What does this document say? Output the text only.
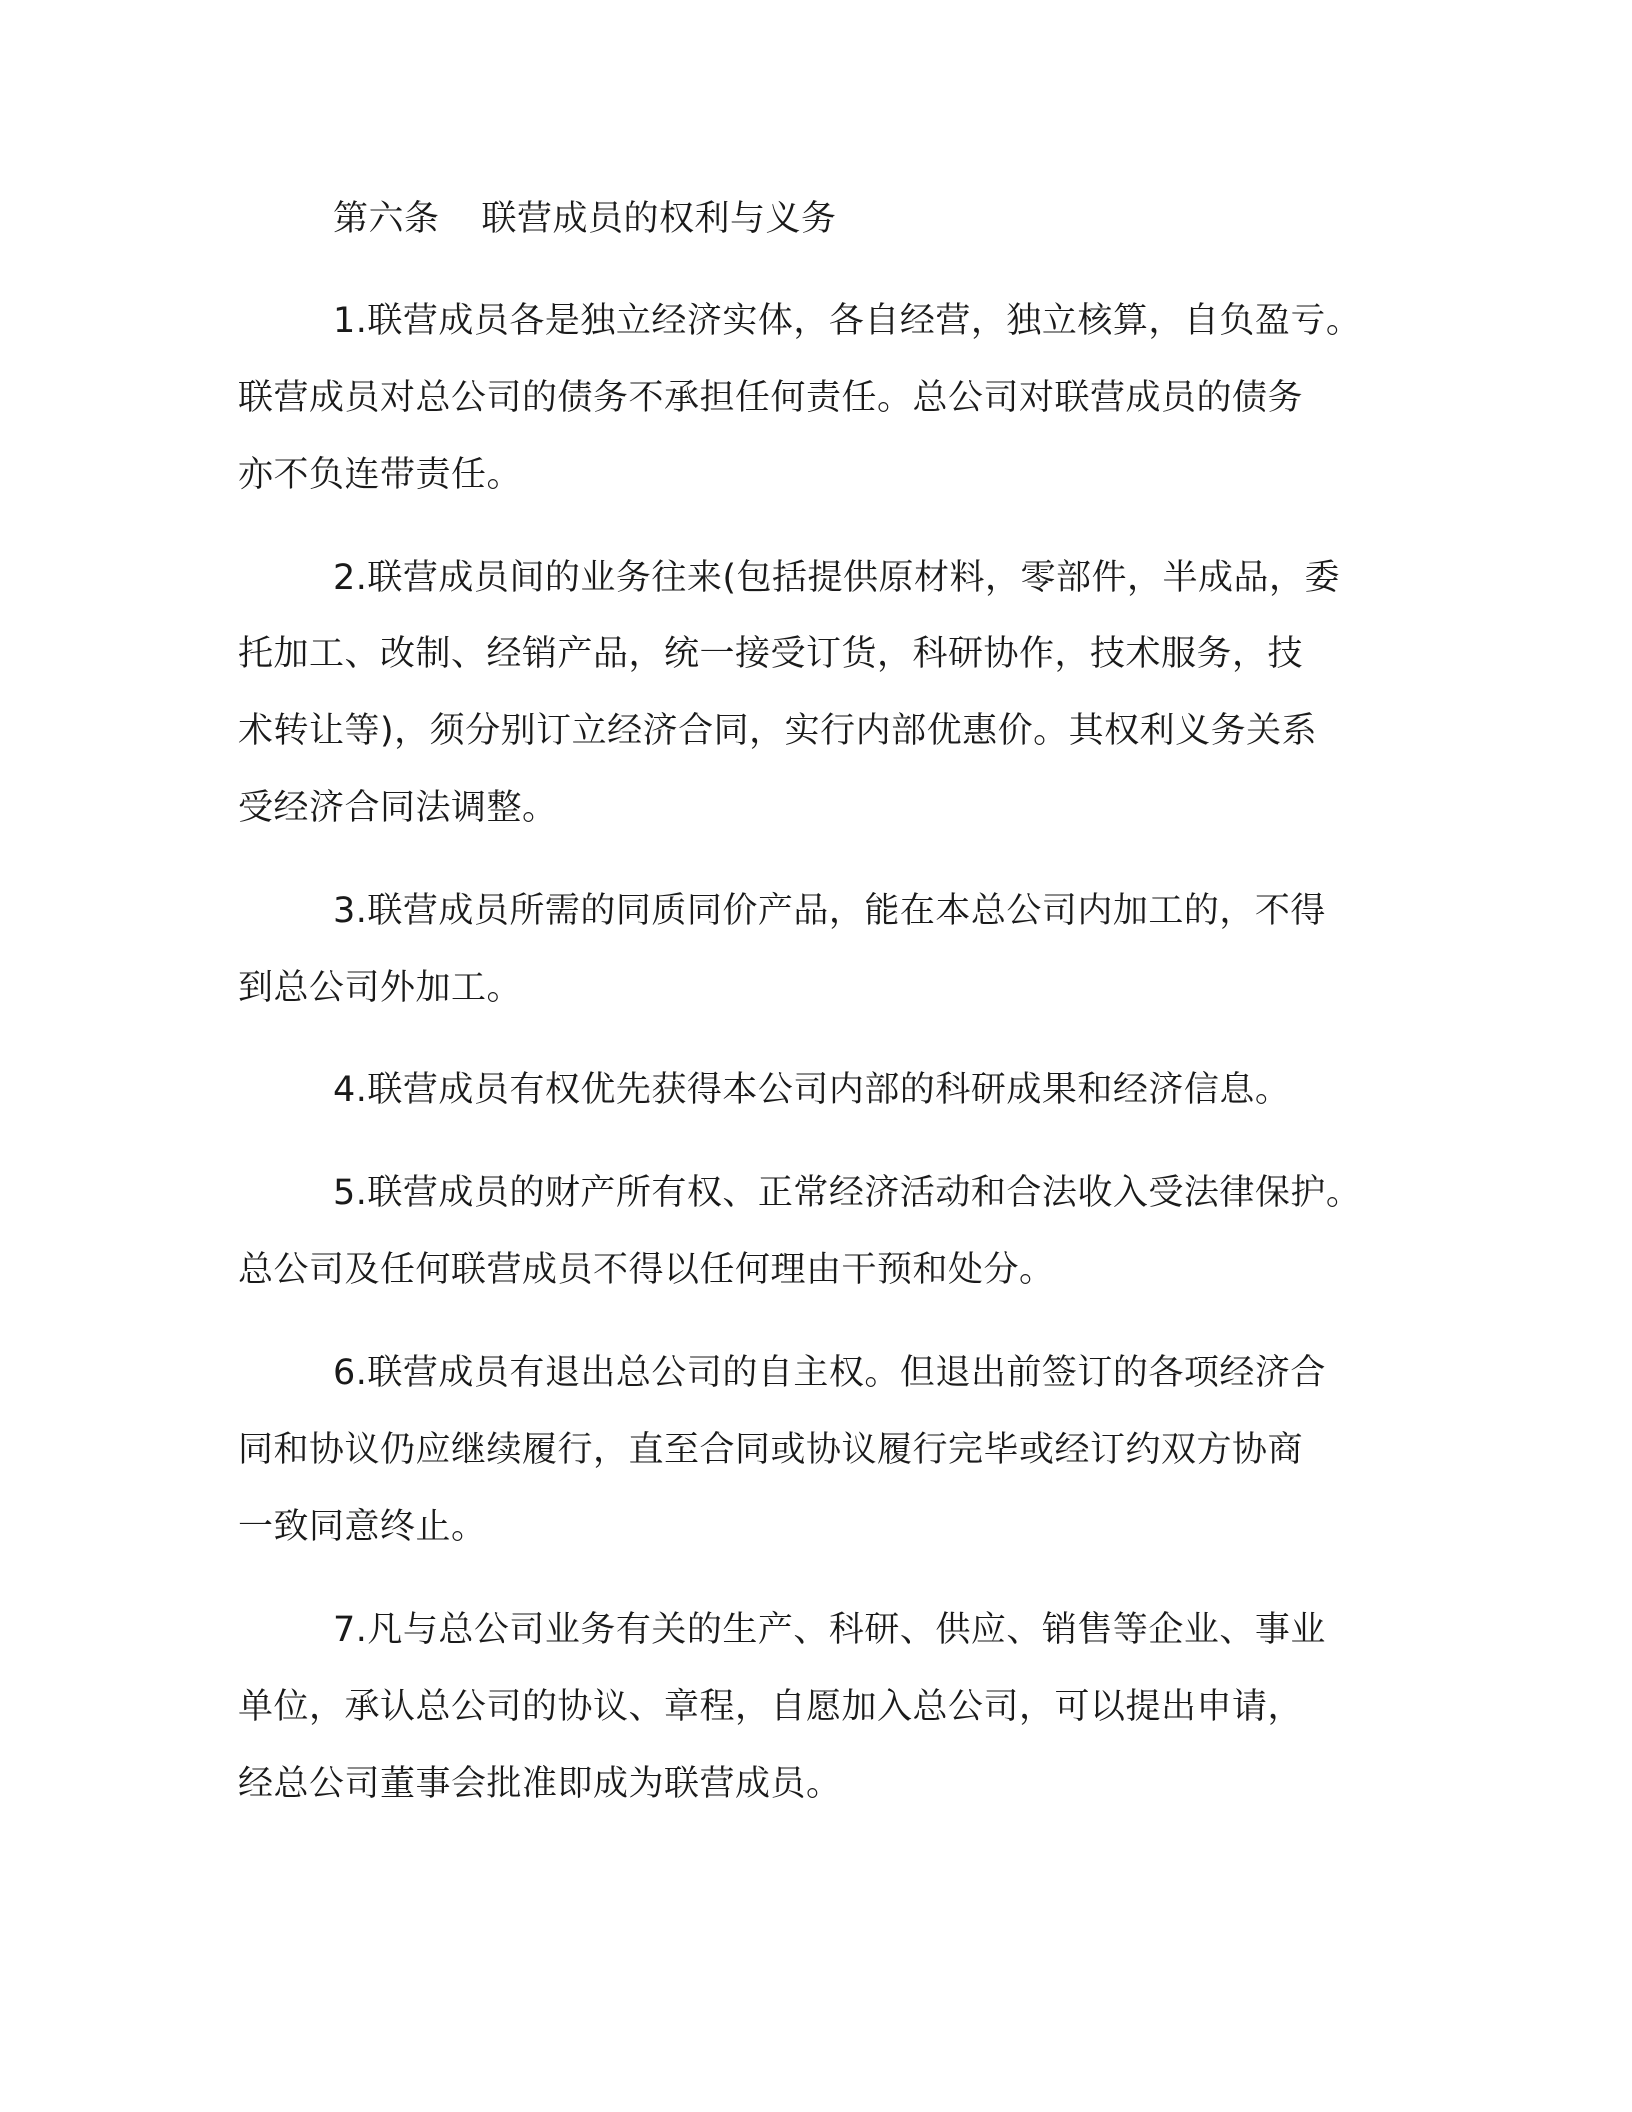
第六条 联营成员的权利与义务
1.联营成员各是独立经济实体，各自经营，独立核算，自负盈亏。
联营成员对总公司的债务不承担任何责任。总公司对联营成员的债务
亦不负连带责任。
2.联营成员间的业务往来(包括提供原材料，零部件，半成品，委
托加工、改制、经销产品，统一接受订货，科研协作，技术服务，技
术转让等)，须分别订立经济合同，实行内部优惠价。其权利义务关系
受经济合同法调整。
3.联营成员所需的同质同价产品，能在本总公司内加工的，不得
到总公司外加工。
4.联营成员有权优先获得本公司内部的科研成果和经济信息。
5.联营成员的财产所有权、正常经济活动和合法收入受法律保护。
总公司及任何联营成员不得以任何理由干预和处分。
6.联营成员有退出总公司的自主权。但退出前签订的各项经济合
同和协议仍应继续履行，直至合同或协议履行完毕或经订约双方协商
一致同意终止。
7.凡与总公司业务有关的生产、科研、供应、销售等企业、事业
单位，承认总公司的协议、章程，自愿加入总公司，可以提出申请，
经总公司董事会批准即成为联营成员。
